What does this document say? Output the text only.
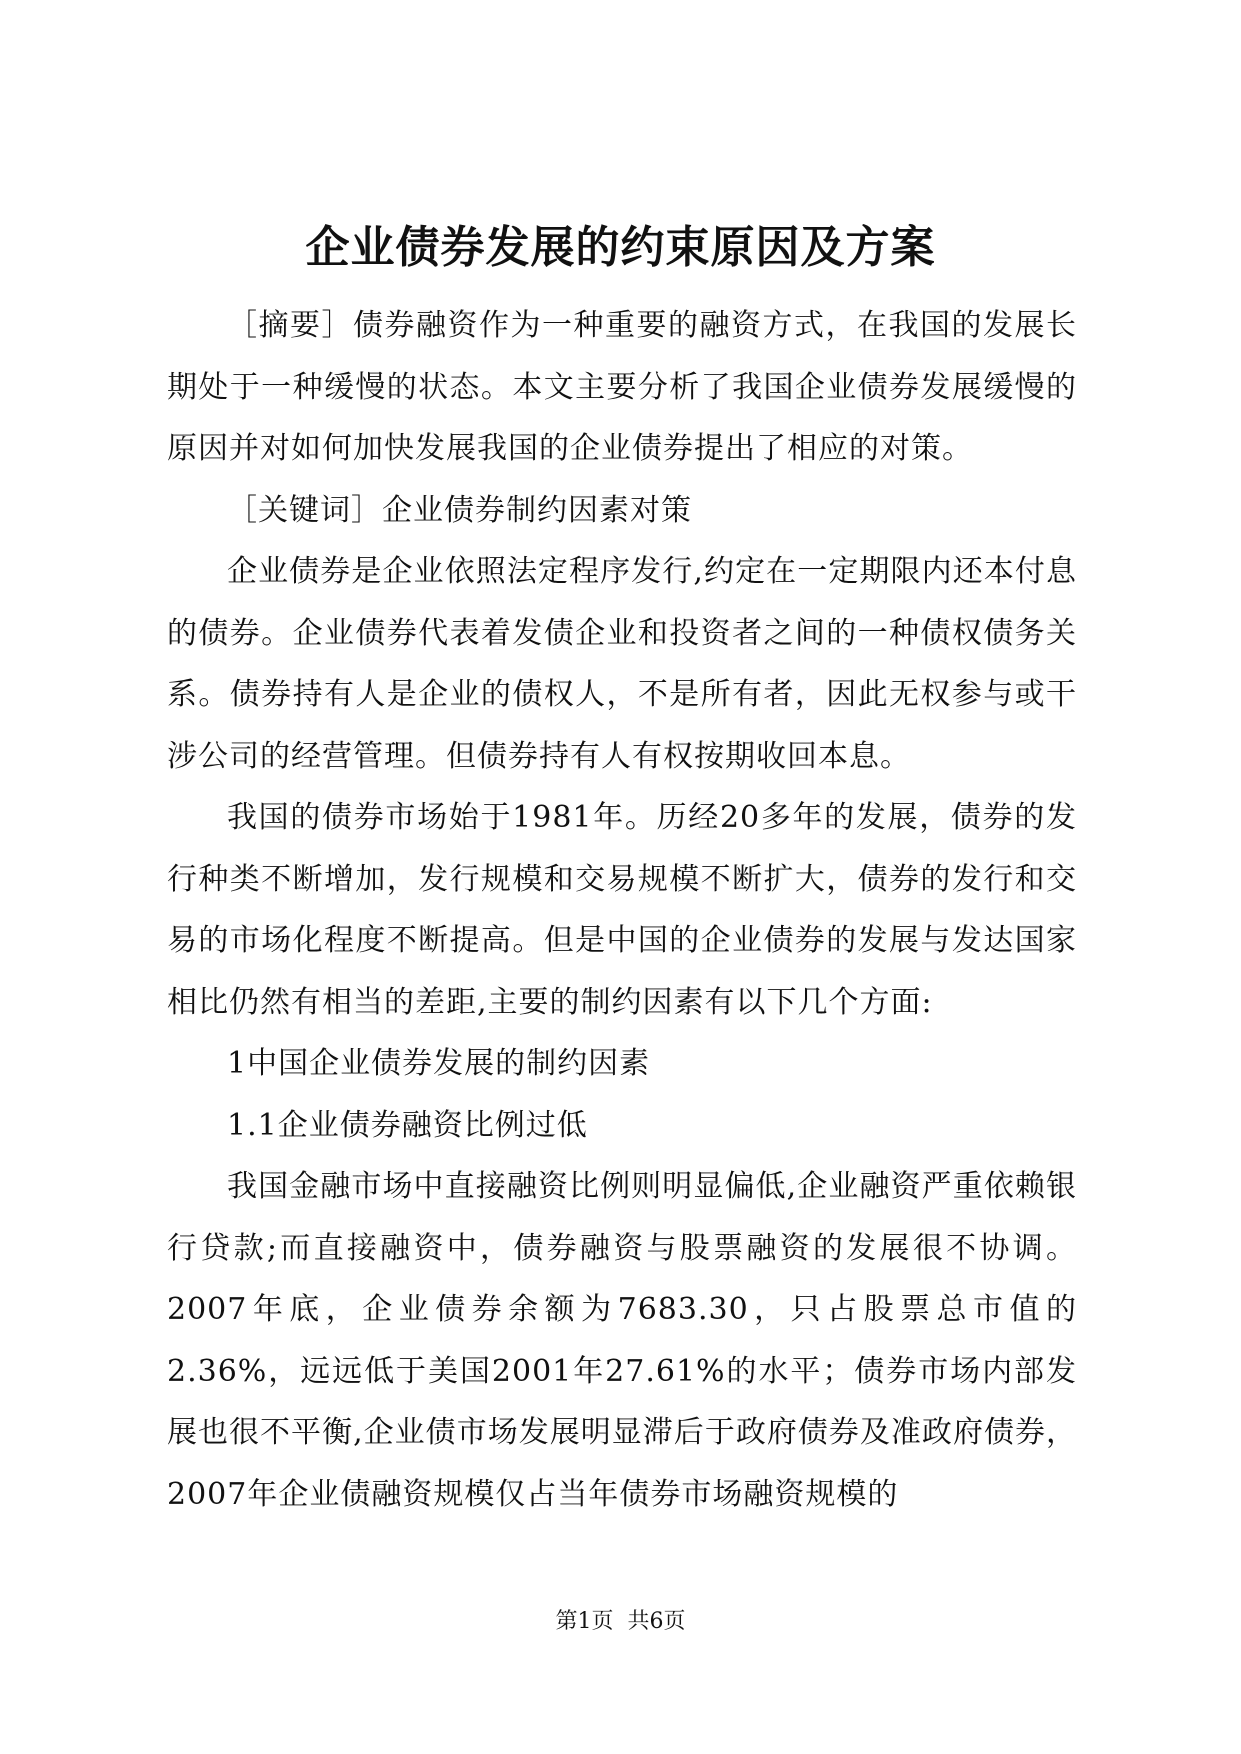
企业债券发展的约束原因及方案

［摘要］债券融资作为一种重要的融资方式，在我国的发展长期处于一种缓慢的状态。本文主要分析了我国企业债券发展缓慢的原因并对如何加快发展我国的企业债券提出了相应的对策。

［关键词］企业债券制约因素对策

企业债券是企业依照法定程序发行,约定在一定期限内还本付息的债券。企业债券代表着发债企业和投资者之间的一种债权债务关系。债券持有人是企业的债权人，不是所有者，因此无权参与或干涉公司的经营管理。但债券持有人有权按期收回本息。

我国的债券市场始于1981年。历经20多年的发展，债券的发行种类不断增加，发行规模和交易规模不断扩大，债券的发行和交易的市场化程度不断提高。但是中国的企业债券的发展与发达国家相比仍然有相当的差距,主要的制约因素有以下几个方面:

1中国企业债券发展的制约因素

1.1企业债券融资比例过低

我国金融市场中直接融资比例则明显偏低,企业融资严重依赖银行贷款;而直接融资中，债券融资与股票融资的发展很不协调。2007年底，企业债券余额为7683.30，只占股票总市值的2.36%，远远低于美国2001年27.61%的水平；债券市场内部发展也很不平衡,企业债市场发展明显滞后于政府债券及准政府债券，2007年企业债融资规模仅占当年债券市场融资规模的

第1页  共6页
